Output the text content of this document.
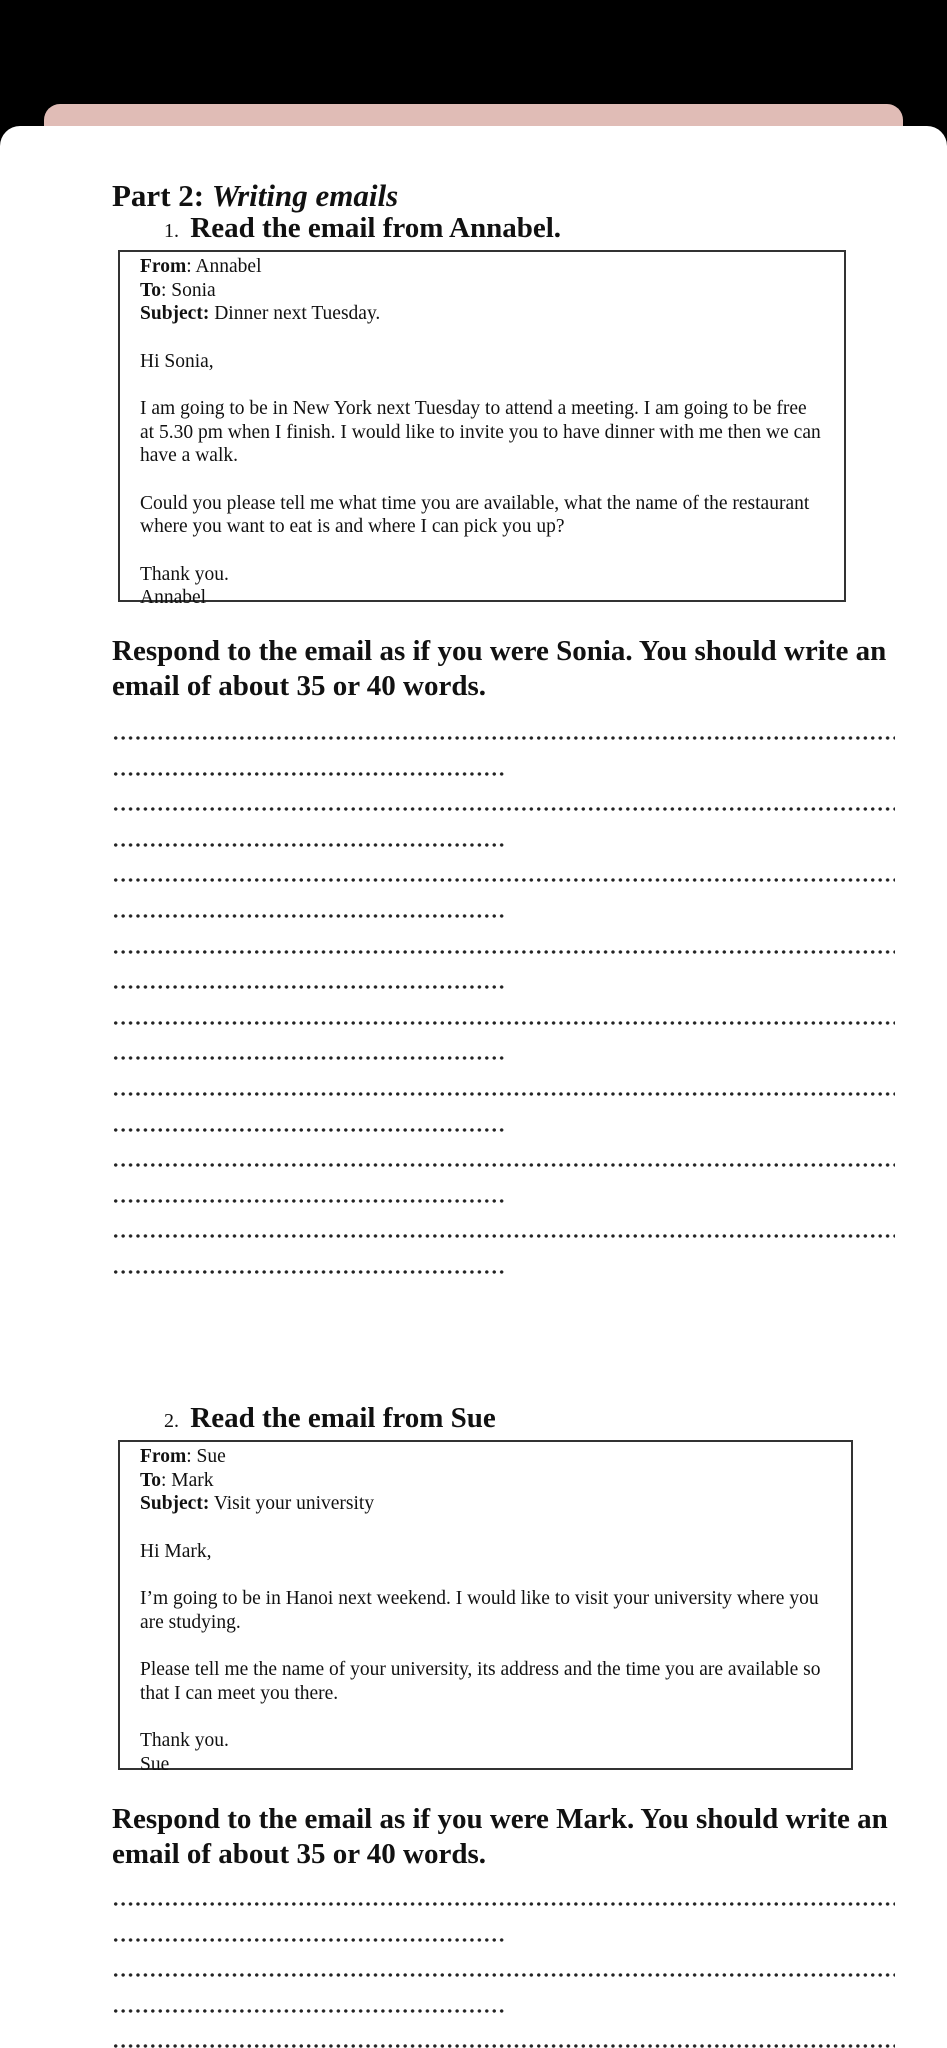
Part 2: Writing emails
1. Read the email from Annabel.
From: Annabel
To: Sonia
Subject: Dinner next Tuesday.
Hi Sonia,
I am going to be in New York next Tuesday to attend a meeting. I am going to be free
at 5.30 pm when I finish. I would like to invite you to have dinner with me then we can
have a walk.
Could you please tell me what time you are available, what the name of the restaurant
where you want to eat is and where I can pick you up?
Thank you.
Annabel
Respond to the email as if you were Sonia. You should write an email of about 35 or 40 words.
2. Read the email from Sue
From: Sue
To: Mark
Subject: Visit your university
Hi Mark,
I’m going to be in Hanoi next weekend. I would like to visit your university where you
are studying.
Please tell me the name of your university, its address and the time you are available so
that I can meet you there.
Thank you.
Sue
Respond to the email as if you were Mark. You should write an email of about 35 or 40 words.
